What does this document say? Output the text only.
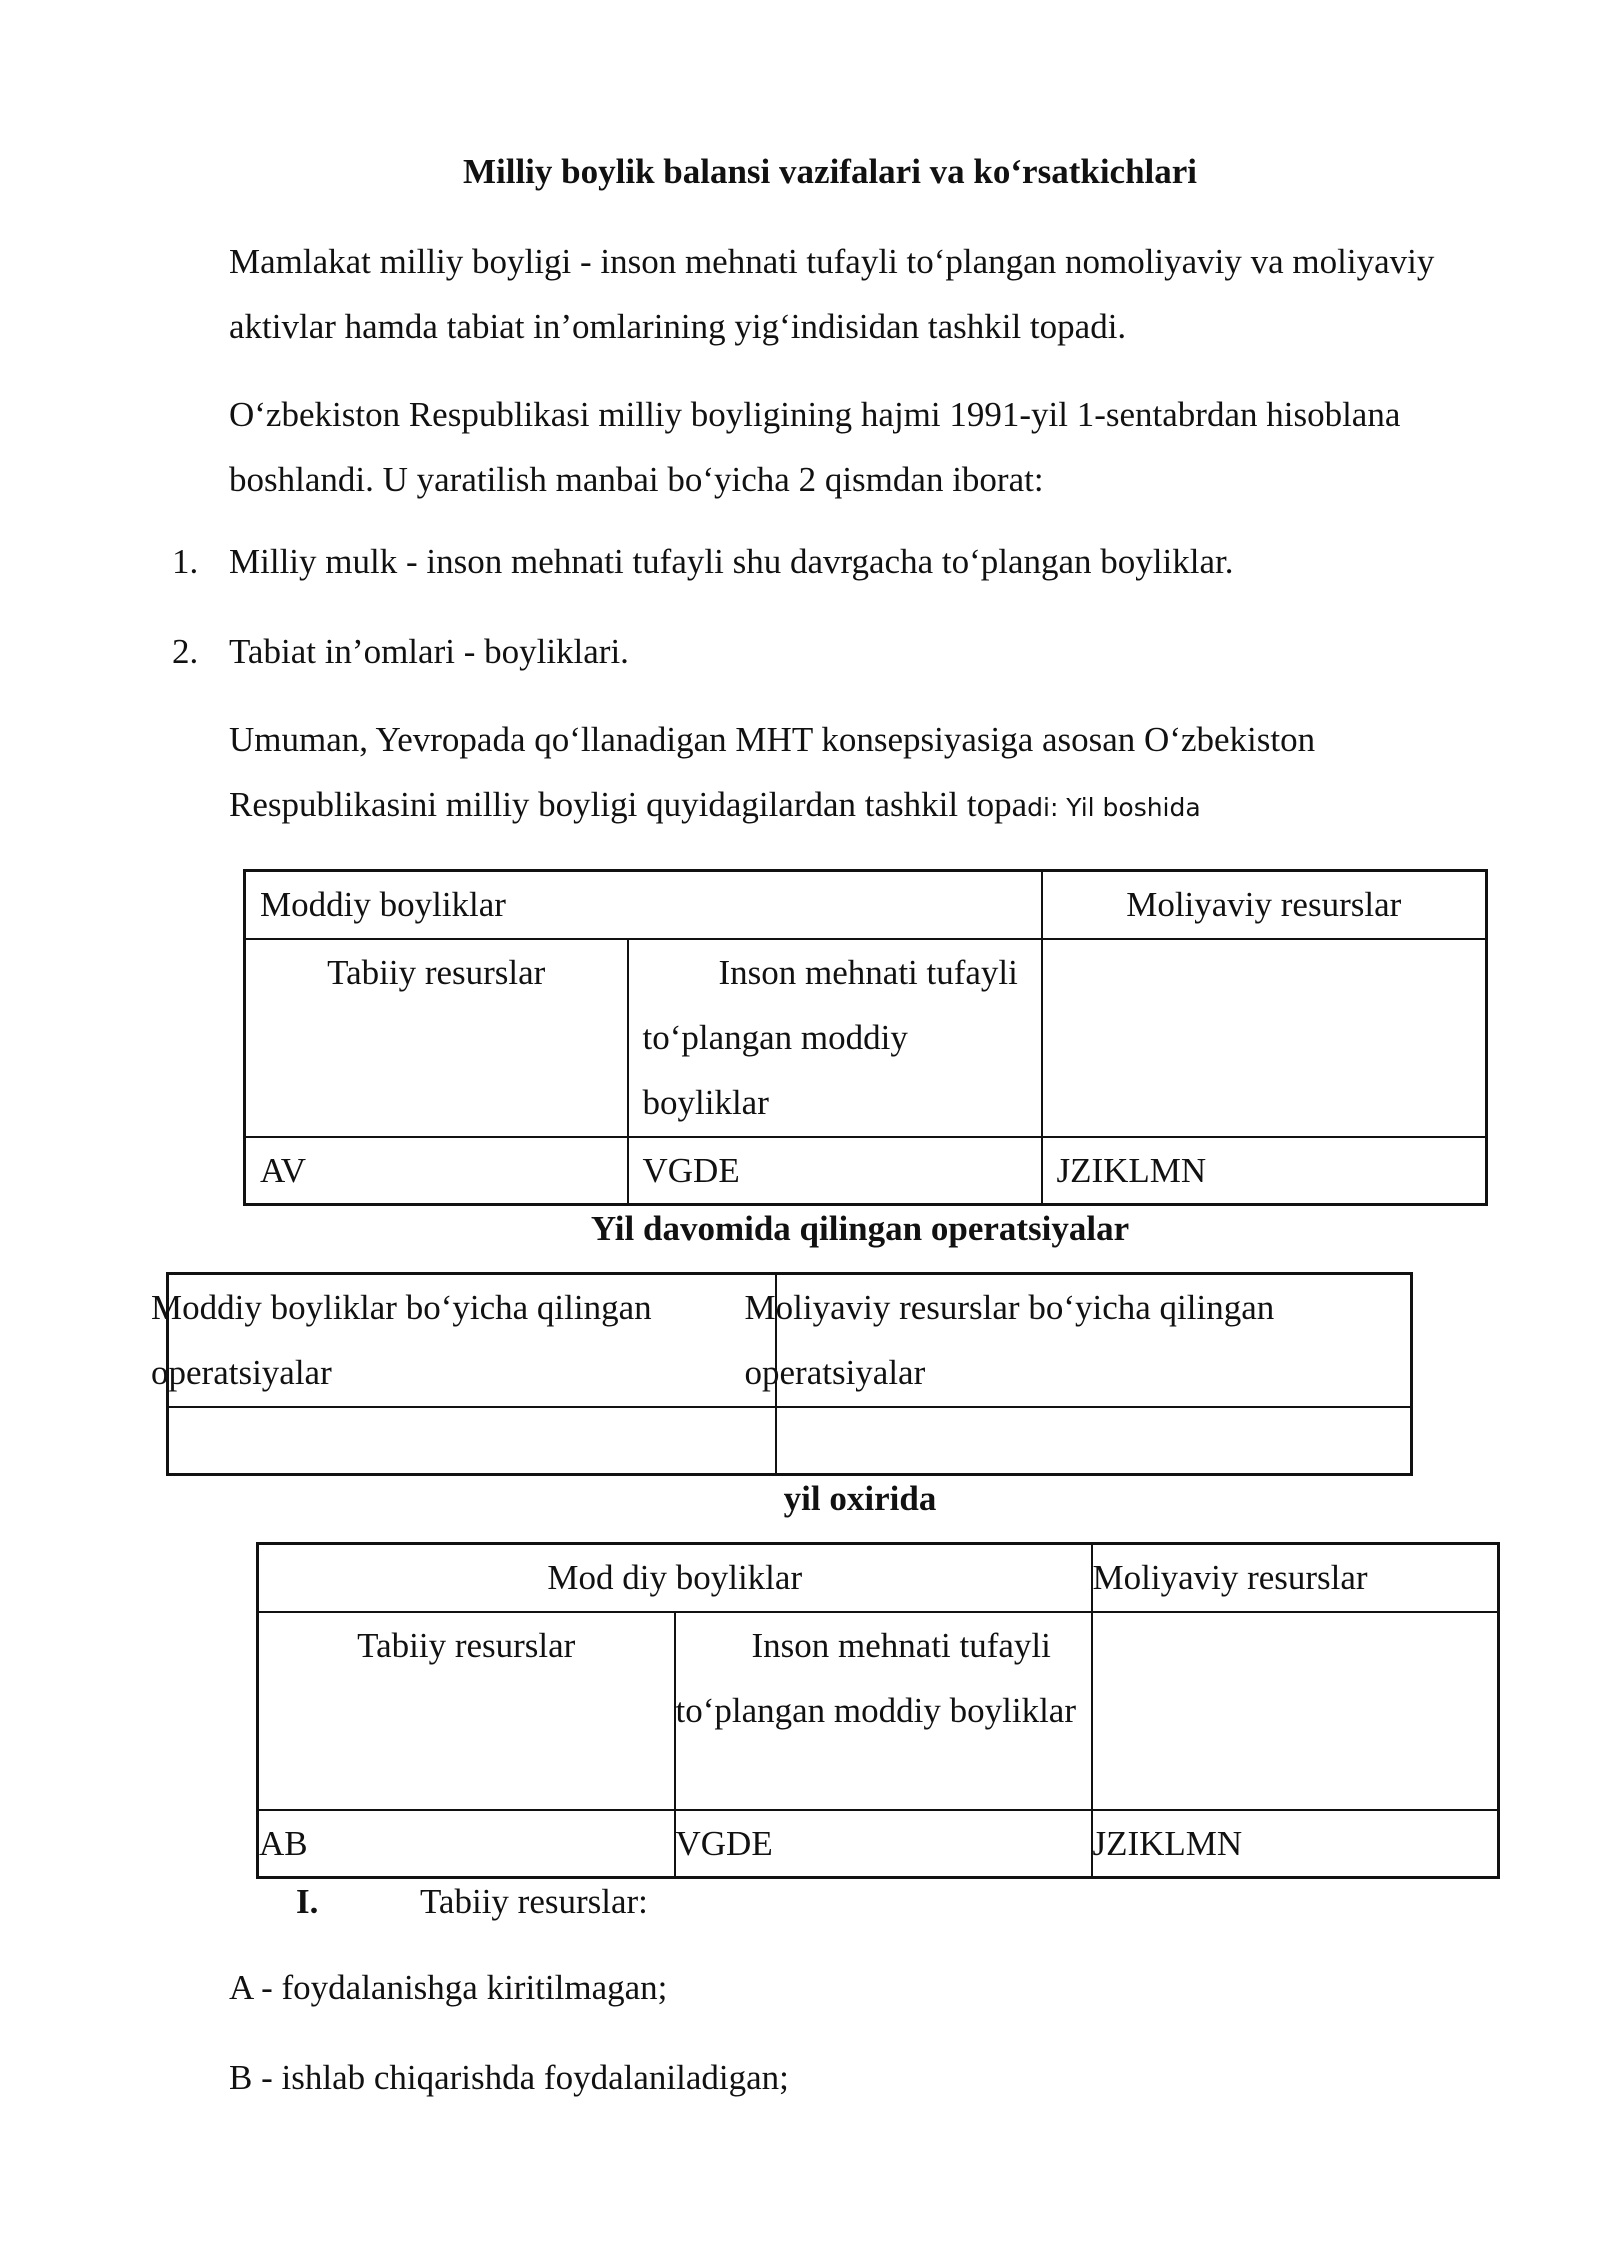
Milliy boylik balansi vazifalari va ko‘rsatkichlari

Mamlakat milliy boyligi - inson mehnati tufayli to‘plangan nomoliyaviy va moliyaviy aktivlar hamda tabiat in’omlarining yig‘indisidan tashkil topadi.

O‘zbekiston Respublikasi milliy boyligining hajmi 1991-yil 1-sentabrdan hisoblana boshlandi. U yaratilish manbai bo‘yicha 2 qismdan iborat:

1. Milliy mulk - inson mehnati tufayli shu davrgacha to‘plangan boyliklar.
2. Tabiat in’omlari - boyliklari.

Umuman, Yevropada qo‘llanadigan MHT konsepsiyasiga asosan O‘zbekiston Respublikasini milliy boyligi quyidagilardan tashkil topadi: Yil boshida

Moddiy boyliklar		Moliyaviy resurslar
Tabiiy resurslar	Inson mehnati tufayli to‘plangan moddiy boyliklar	
AV	VGDE	JZIKLMN
Yil davomida qilingan operatsiyalar
Moddiy boyliklar bo‘yicha qilingan operatsiyalar	Moliyaviy resurslar bo‘yicha qilingan operatsiyalar

yil oxirida
Mod diy boyliklar		Moliyaviy resurslar
Tabiiy resurslar	Inson mehnati tufayli to‘plangan moddiy boyliklar	
AB	VGDE	JZIKLMN
I.	Tabiiy resurslar:
A - foydalanishga kiritilmagan;
B - ishlab chiqarishda foydalaniladigan;
